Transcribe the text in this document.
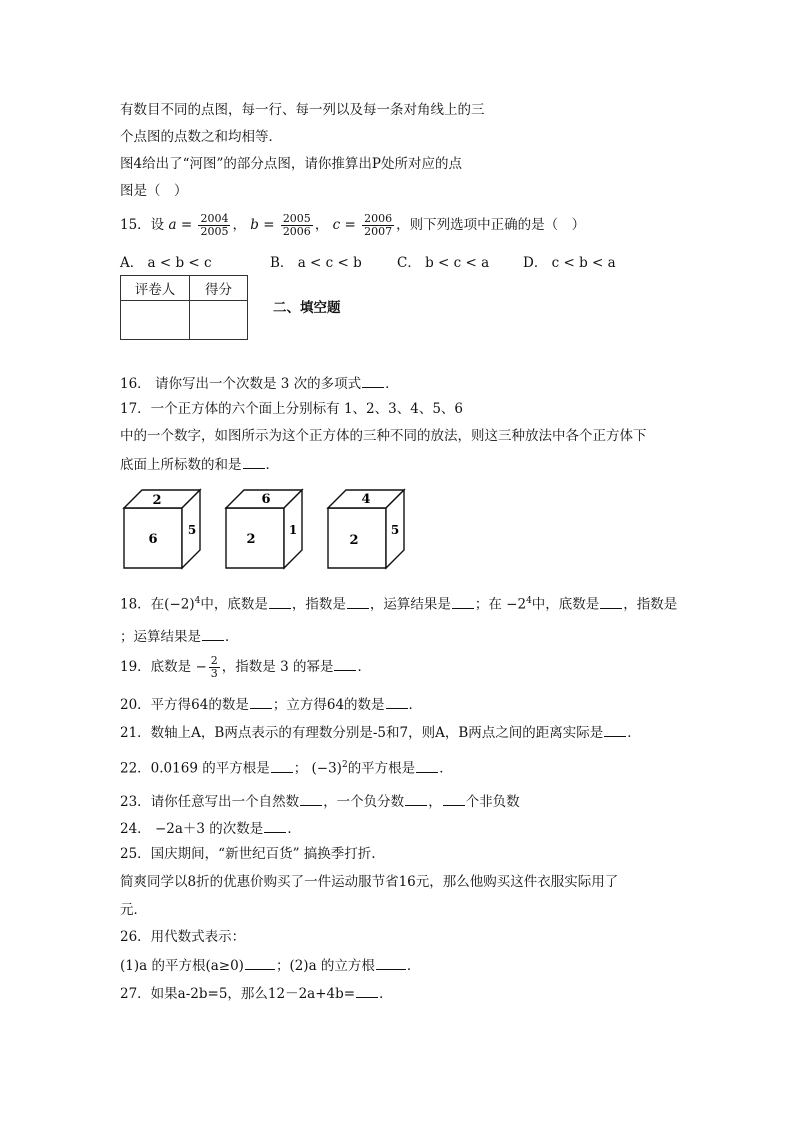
有数目不同的点图，每一行、每一列以及每一条对角线上的三
个点图的点数之和均相等．
图4给出了“河图”的部分点图，请你推算出P处所对应的点
图是（　）
15．设 $a = \frac{2004}{2005}$ ， $b = \frac{2005}{2006}$ ， $c = \frac{2006}{2007}$ ，则下列选项中正确的是（　）
A． a < b < c	B． a < c < b	C． b < c < a	D． c < b < a
评卷人	得分

二、填空题
16． 请你写出一个次数是 3 次的多项式 ．
17．一个正方体的六个面上分别标有 1、2、3、4、5、6
中的一个数字，如图所示为这个正方体的三种不同的放法，则这三种放法中各个正方体下
底面上所标数的和是 ．
2
6
5
6
2
1
4
2
5
18．在$(-2)^4$中，底数是 ，指数是 ，运算结果是 ；在 $-2^4$中，底数是 ，指数是
；运算结果是 ．
19．底数是 − $\frac{2}{3}$ ，指数是 3 的幂是 ．
20．平方得64的数是 ；立方得64的数是 ．
21．数轴上A，B两点表示的有理数分别是-5和7，则A，B两点之间的距离实际是 ．
22．0.0169 的平方根是 ； $(-3)^2$的平方根是 ．
23．请你任意写出一个自然数 ，一个负分数 ， 个非负数
24． −2a＋3 的次数是 ．
25．国庆期间，“新世纪百货” 搞换季打折.
简爽同学以8折的优惠价购买了一件运动服节省16元，那么他购买这件衣服实际用了
元．
26．用代数式表示：
(1)a 的平方根(a≥0) ；(2)a 的立方根 ．
27．如果a-2b=5，那么12－2a+4b= ．
